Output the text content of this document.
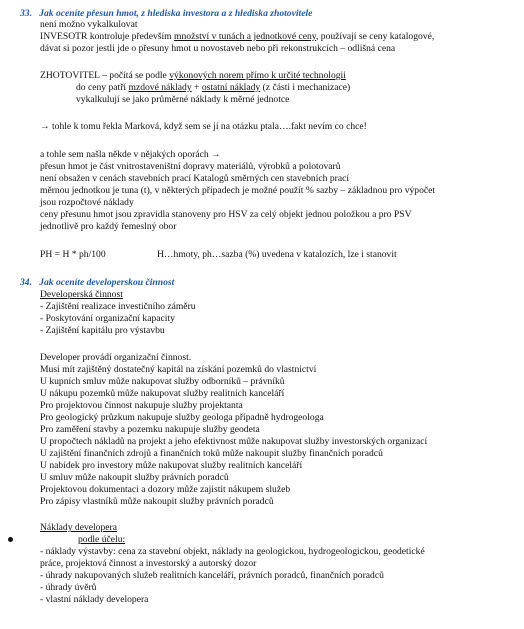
33. Jak oceníte přesun hmot, z hlediska investora a z hlediska zhotovitele
není možno vykalkulovat
INVESOTR kontroluje především množství v tunách a jednotkové ceny, používají se ceny katalogové,
dávat si pozor jestli jde o přesuny hmot u novostaveb nebo při rekonstrukcích – odlišná cena
ZHOTOVITEL – počítá se podle výkonových norem přímo k určité technologii
do ceny patří mzdové náklady + ostatní náklady (z části i mechanizace)
vykalkulují se jako průměrné náklady k měrné jednotce
→ tohle k tomu řekla Marková, když sem se jí na otázku ptala….fakt nevím co chce!
a tohle sem našla někde v nějakých oporách →
přesun hmot je část vnitrostaveništní dopravy materiálů, výrobků a polotovarů
není obsažen v cenách stavebních prací Katalogů směrných cen stavebních prací
měrnou jednotkou je tuna (t), v některých případech je možné použít % sazby – základnou pro výpočet
jsou rozpočtové náklady
ceny přesunu hmot jsou zpravidla stanoveny pro HSV za celý objekt jednou položkou a pro PSV
jednotlivě pro každý řemeslný obor
PH = H * ph/100	H…hmoty, ph…sazba (%) uvedena v katalozích, lze i stanovit
34. Jak oceníte developerskou činnost
Developerská činnost
- Zajištění realizace investičního záměru
- Poskytování organizační kapacity
- Zajištění kapitálu pro výstavbu
Developer provádí organizační činnost.
Musí mít zajištěný dostatečný kapitál na získání pozemků do vlastnictví
U kupních smluv může nakupovat služby odborníků – právníků
U nákupu pozemků může nakupovat služby realitních kanceláří
Pro projektovou činnost nakupuje služby projektanta
Pro geologický průzkum nakupuje služby geologa případně hydrogeologa
Pro zaměření stavby a pozemku nakupuje služby geodeta
U propočtech nákladů na projekt a jeho efektivnost může nakupovat služby investorských organizací
U zajištění finančních zdrojů a finančních toků může nakoupit služby finančních poradců
U nabídek pro investory může nakupovat služby realitních kanceláří
U smluv může nakoupit služby právních poradců
Projektovou dokumentaci a dozory může zajistit nákupem služeb
Pro zápisy vlastníků může nakoupit služby právních poradců
Náklady developera
podle účelu:
- náklady výstavby: cena za stavební objekt, náklady na geologickou, hydrogeologickou, geodetické
práce, projektová činnost a investorský a autorský dozor
- úhrady nakupovaných služeb realitních kanceláří, právních poradců, finančních poradců
- úhrady úvěrů
- vlastní náklady developera
